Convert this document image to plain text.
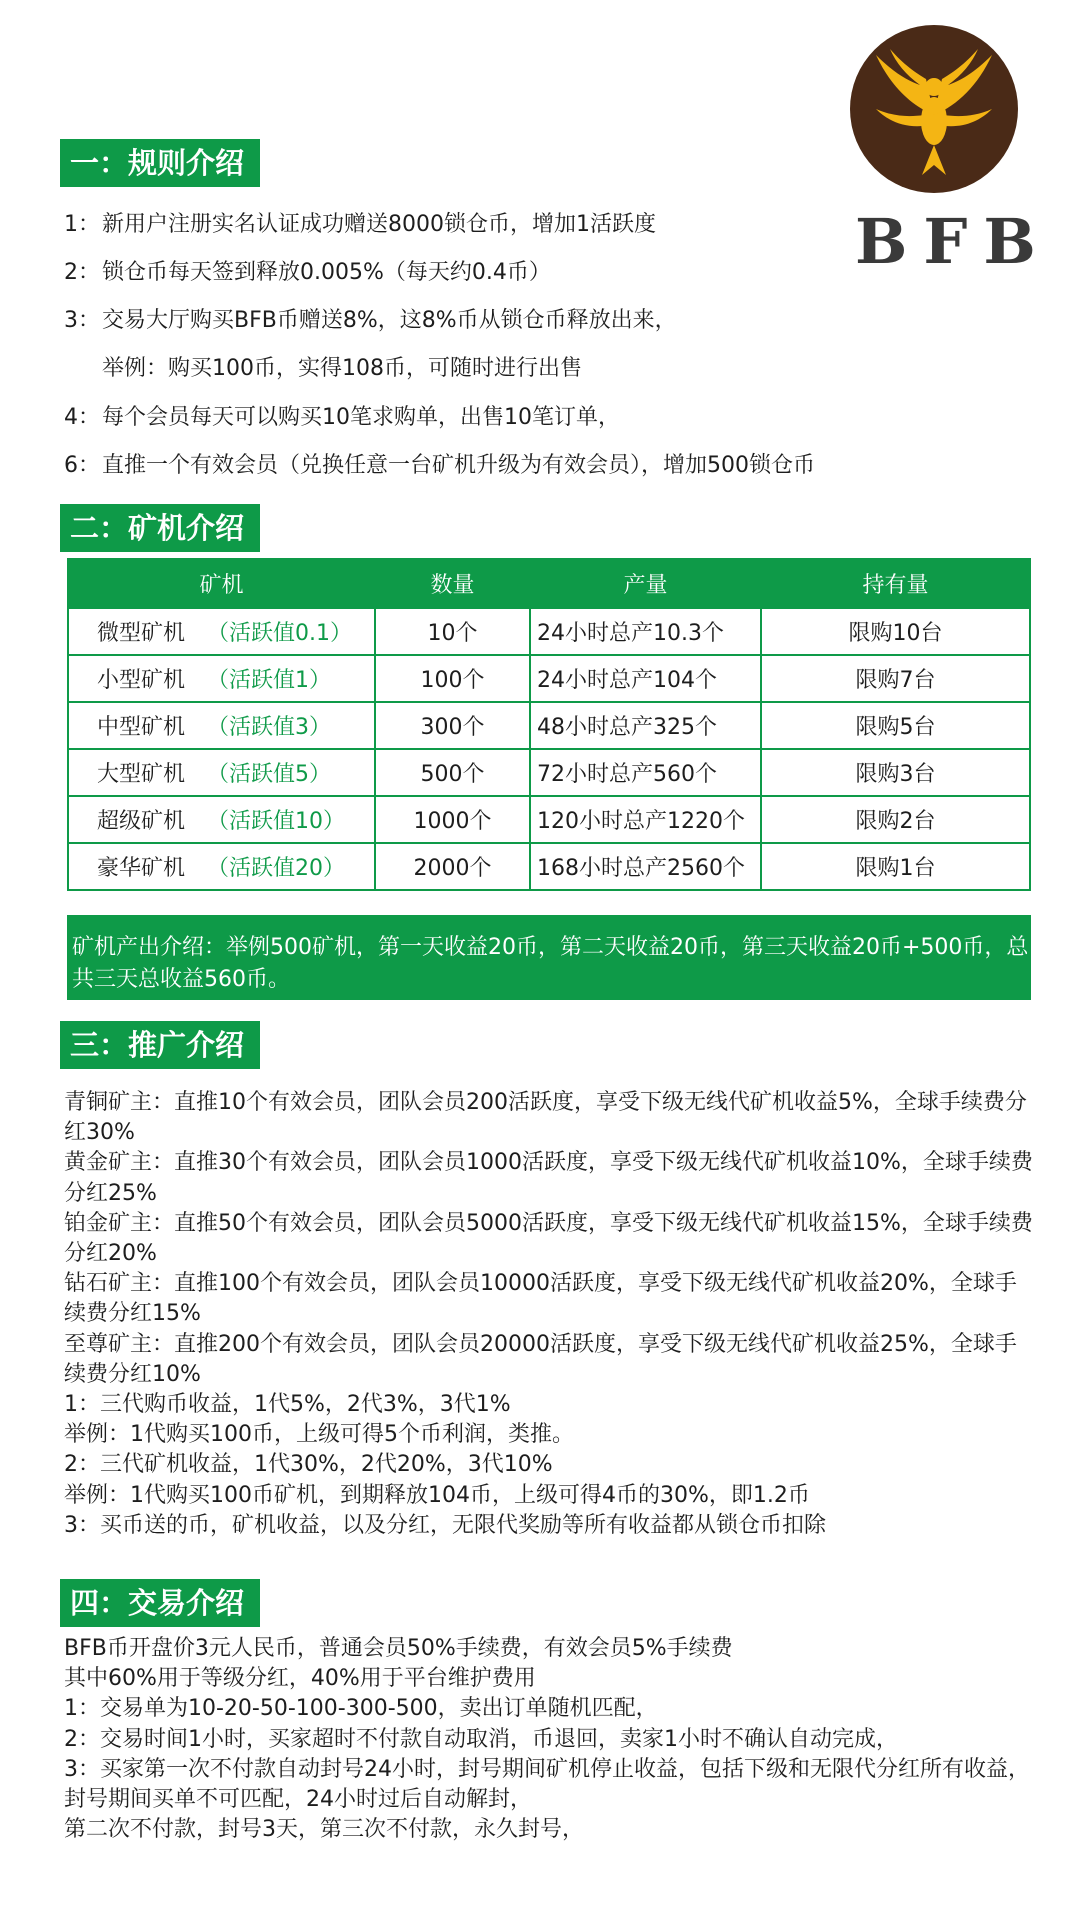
BFB
一：规则介绍
1：新用户注册实名认证成功赠送8000锁仓币，增加1活跃度
2：锁仓币每天签到释放0.005%（每天约0.4币）
3：交易大厅购买BFB币赠送8%，这8%币从锁仓币释放出来，
举例：购买100币，实得108币，可随时进行出售
4：每个会员每天可以购买10笔求购单，出售10笔订单，
6：直推一个有效会员（兑换任意一台矿机升级为有效会员），增加500锁仓币
二：矿机介绍
矿机	数量	产量	持有量
微型矿机 （活跃值0.1）	10个	24小时总产10.3个	限购10台
小型矿机 （活跃值1）	100个	24小时总产104个	限购7台
中型矿机 （活跃值3）	300个	48小时总产325个	限购5台
大型矿机 （活跃值5）	500个	72小时总产560个	限购3台
超级矿机 （活跃值10）	1000个	120小时总产1220个	限购2台
豪华矿机 （活跃值20）	2000个	168小时总产2560个	限购1台
矿机产出介绍：举例500矿机，第一天收益20币，第二天收益20币，第三天收益20币+500币，总共三天总收益560币。
三：推广介绍
青铜矿主：直推10个有效会员，团队会员200活跃度，享受下级无线代矿机收益5%，全球手续费分红30%
黄金矿主：直推30个有效会员，团队会员1000活跃度，享受下级无线代矿机收益10%，全球手续费分红25%
铂金矿主：直推50个有效会员，团队会员5000活跃度，享受下级无线代矿机收益15%，全球手续费分红20%
钻石矿主：直推100个有效会员，团队会员10000活跃度，享受下级无线代矿机收益20%，全球手续费分红15%
至尊矿主：直推200个有效会员，团队会员20000活跃度，享受下级无线代矿机收益25%，全球手续费分红10%
1：三代购币收益，1代5%，2代3%，3代1%
举例：1代购买100币，上级可得5个币利润，类推。
2：三代矿机收益，1代30%，2代20%，3代10%
举例：1代购买100币矿机，到期释放104币，上级可得4币的30%，即1.2币
3：买币送的币，矿机收益，以及分红，无限代奖励等所有收益都从锁仓币扣除
四：交易介绍
BFB币开盘价3元人民币，普通会员50%手续费，有效会员5%手续费
其中60%用于等级分红，40%用于平台维护费用
1：交易单为10-20-50-100-300-500，卖出订单随机匹配，
2：交易时间1小时，买家超时不付款自动取消，币退回，卖家1小时不确认自动完成，
3：买家第一次不付款自动封号24小时，封号期间矿机停止收益，包括下级和无限代分红所有收益，封号期间买单不可匹配，24小时过后自动解封，
第二次不付款，封号3天，第三次不付款，永久封号，
